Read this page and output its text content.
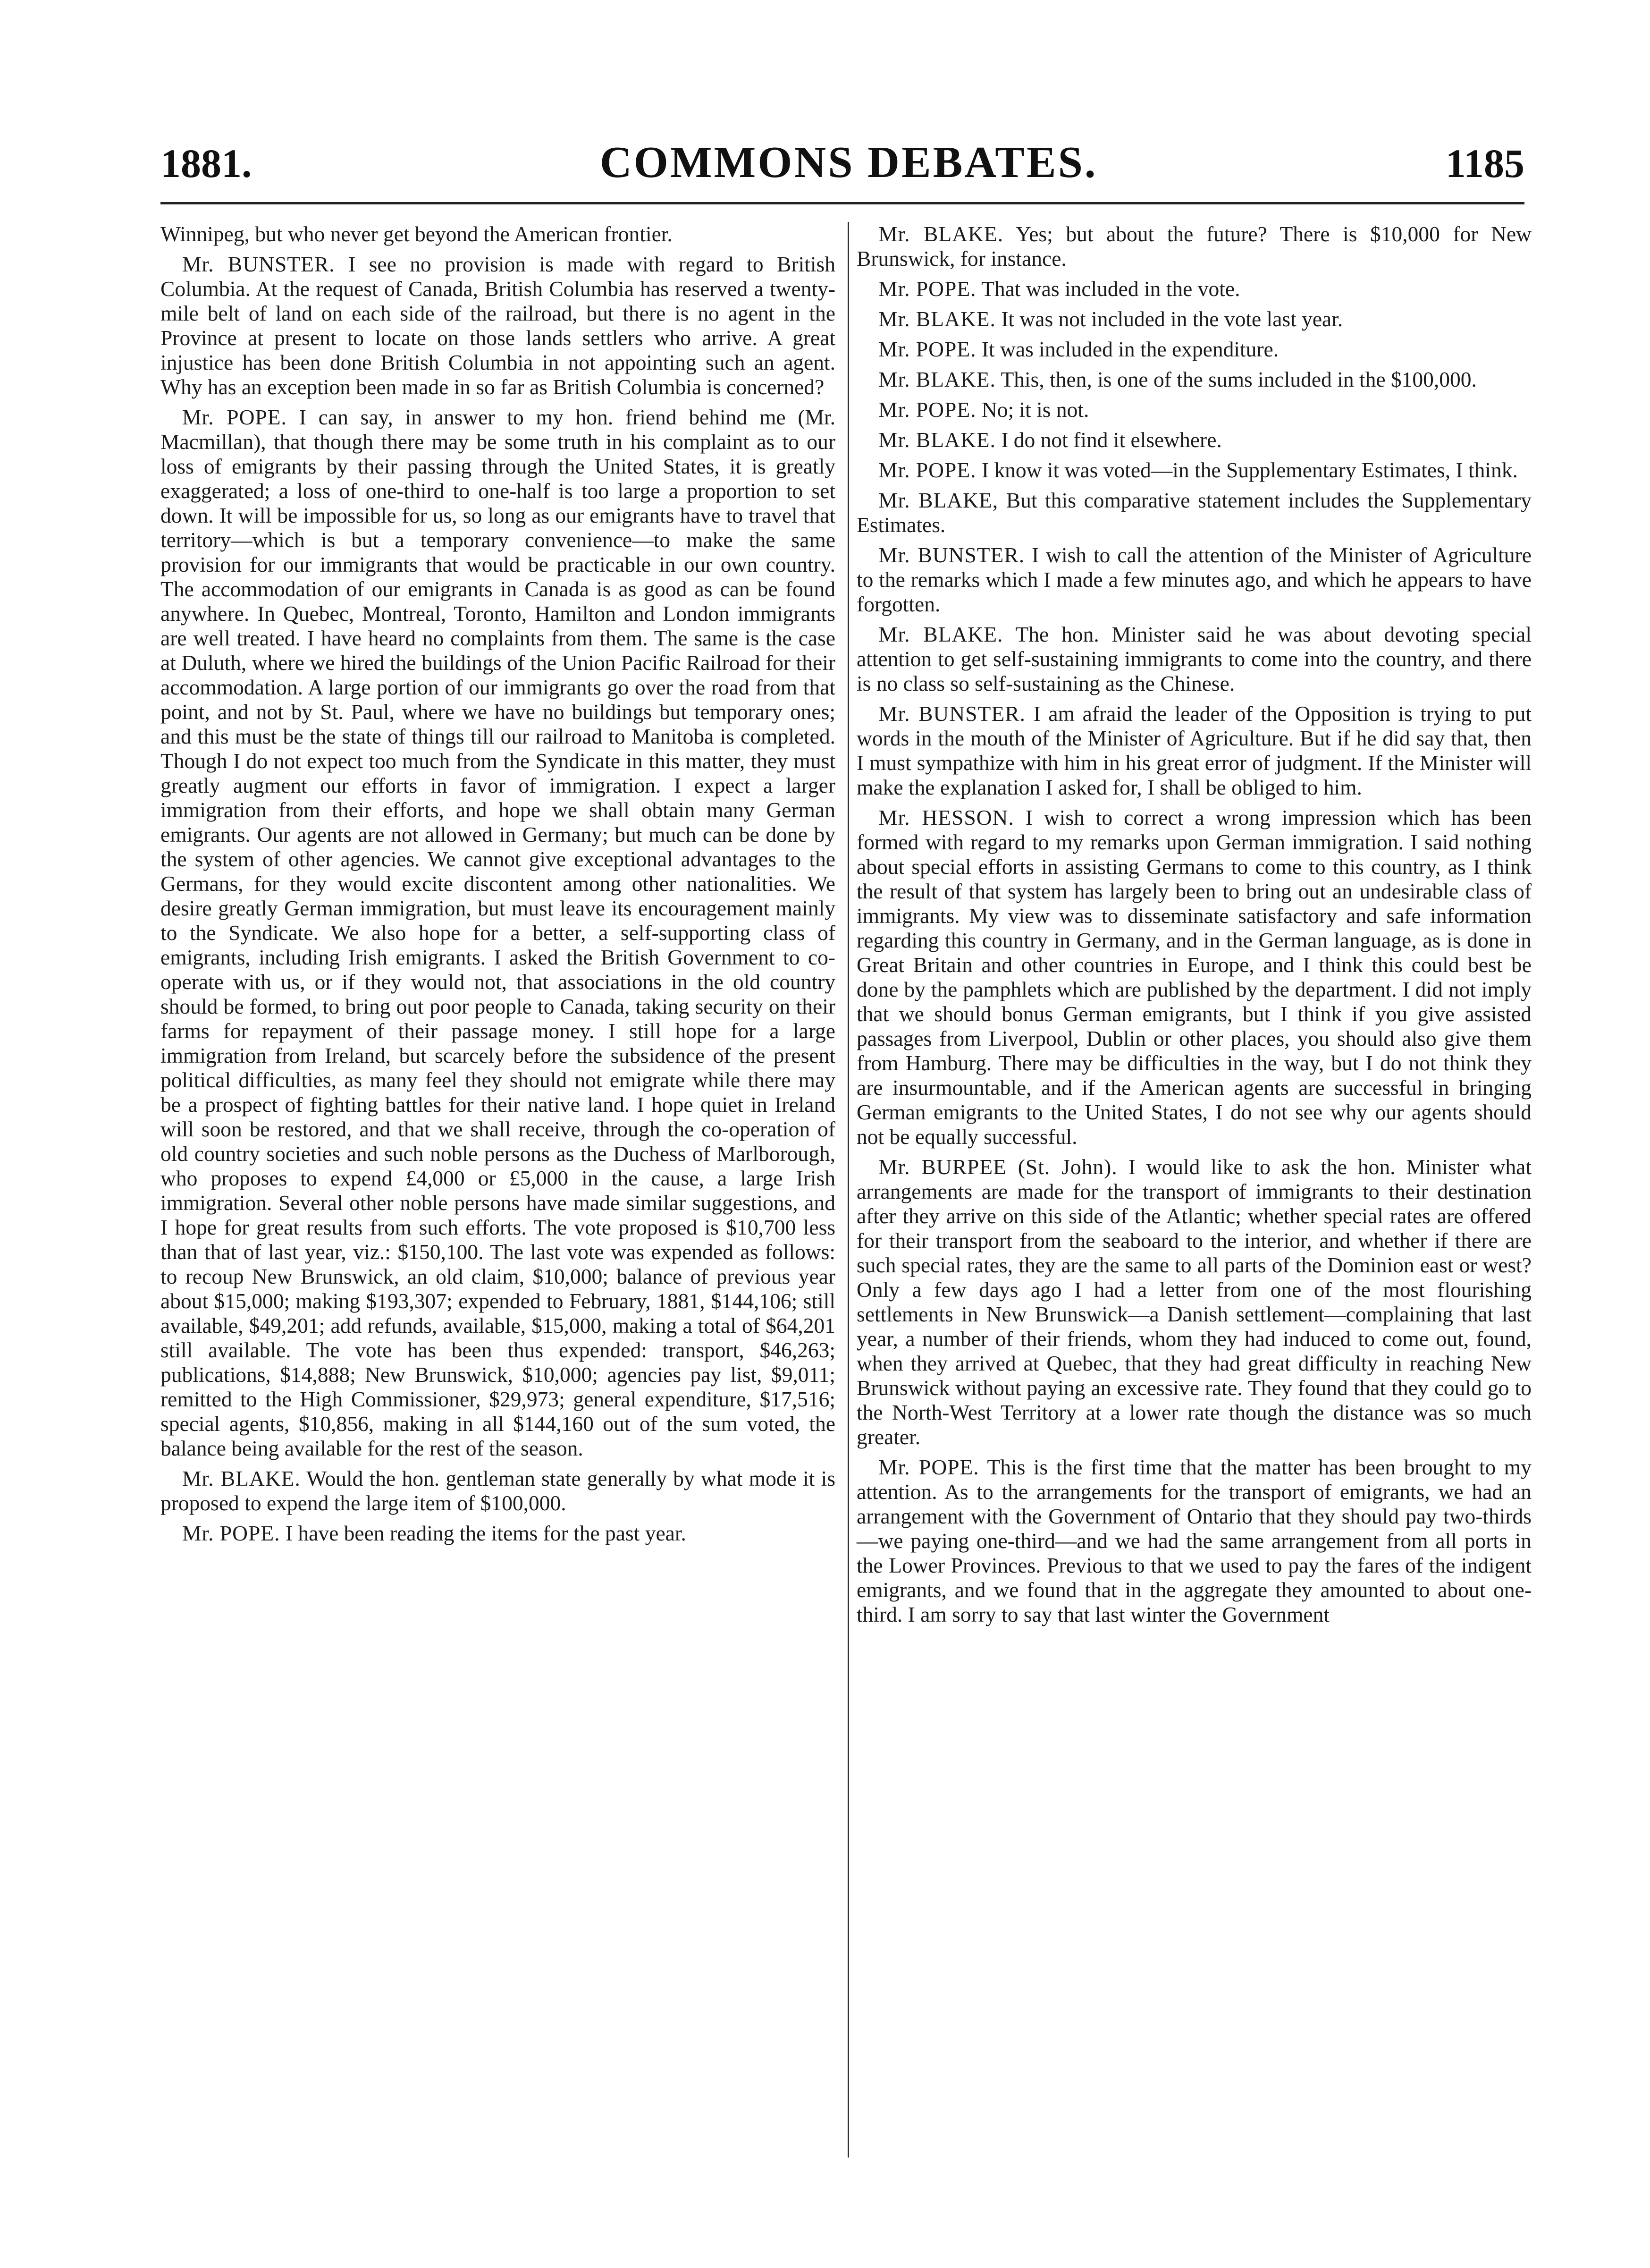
1881.	COMMONS DEBATES.	1185

Winnipeg, but who never get beyond the American frontier.

Mr. BUNSTER. I see no provision is made with regard to British Columbia. At the request of Canada, British Columbia has reserved a twenty-mile belt of land on each side of the railroad, but there is no agent in the Province at present to locate on those lands settlers who arrive. A great injustice has been done British Columbia in not appointing such an agent. Why has an exception been made in so far as British Columbia is concerned?

Mr. POPE. I can say, in answer to my hon. friend behind me (Mr. Macmillan), that though there may be some truth in his complaint as to our loss of emigrants by their passing through the United States, it is greatly exaggerated; a loss of one-third to one-half is too large a proportion to set down. It will be impossible for us, so long as our emigrants have to travel that territory—which is but a temporary convenience—to make the same provision for our immigrants that would be practicable in our own country. The accommodation of our emigrants in Canada is as good as can be found anywhere. In Quebec, Montreal, Toronto, Hamilton and London immigrants are well treated. I have heard no complaints from them. The same is the case at Duluth, where we hired the buildings of the Union Pacific Railroad for their accommodation. A large portion of our immigrants go over the road from that point, and not by St. Paul, where we have no buildings but temporary ones; and this must be the state of things till our railroad to Manitoba is completed. Though I do not expect too much from the Syndicate in this matter, they must greatly augment our efforts in favor of immigration. I expect a larger immigration from their efforts, and hope we shall obtain many German emigrants. Our agents are not allowed in Germany; but much can be done by the system of other agencies. We cannot give exceptional advantages to the Germans, for they would excite discontent among other nationalities. We desire greatly German immigration, but must leave its encouragement mainly to the Syndicate. We also hope for a better, a self-supporting class of emigrants, including Irish emigrants. I asked the British Government to co-operate with us, or if they would not, that associations in the old country should be formed, to bring out poor people to Canada, taking security on their farms for repayment of their passage money. I still hope for a large immigration from Ireland, but scarcely before the subsidence of the present political difficulties, as many feel they should not emigrate while there may be a prospect of fighting battles for their native land. I hope quiet in Ireland will soon be restored, and that we shall receive, through the co-operation of old country societies and such noble persons as the Duchess of Marlborough, who proposes to expend £4,000 or £5,000 in the cause, a large Irish immigration. Several other noble persons have made similar suggestions, and I hope for great results from such efforts. The vote proposed is $10,700 less than that of last year, viz.: $150,100. The last vote was expended as follows: to recoup New Brunswick, an old claim, $10,000; balance of previous year about $15,000; making $193,307; expended to February, 1881, $144,106; still available, $49,201; add refunds, available, $15,000, making a total of $64,201 still available. The vote has been thus expended: transport, $46,263; publications, $14,888; New Brunswick, $10,000; agencies pay list, $9,011; remitted to the High Commissioner, $29,973; general expenditure, $17,516; special agents, $10,856, making in all $144,160 out of the sum voted, the balance being available for the rest of the season.

Mr. BLAKE. Would the hon. gentleman state generally by what mode it is proposed to expend the large item of $100,000.

Mr. POPE. I have been reading the items for the past year.

Mr. BLAKE. Yes; but about the future? There is $10,000 for New Brunswick, for instance.

Mr. POPE. That was included in the vote.

Mr. BLAKE. It was not included in the vote last year.

Mr. POPE. It was included in the expenditure.

Mr. BLAKE. This, then, is one of the sums included in the $100,000.

Mr. POPE. No; it is not.

Mr. BLAKE. I do not find it elsewhere.

Mr. POPE. I know it was voted—in the Supplementary Estimates, I think.

Mr. BLAKE, But this comparative statement includes the Supplementary Estimates.

Mr. BUNSTER. I wish to call the attention of the Minister of Agriculture to the remarks which I made a few minutes ago, and which he appears to have forgotten.

Mr. BLAKE. The hon. Minister said he was about devoting special attention to get self-sustaining immigrants to come into the country, and there is no class so self-sustaining as the Chinese.

Mr. BUNSTER. I am afraid the leader of the Opposition is trying to put words in the mouth of the Minister of Agriculture. But if he did say that, then I must sympathize with him in his great error of judgment. If the Minister will make the explanation I asked for, I shall be obliged to him.

Mr. HESSON. I wish to correct a wrong impression which has been formed with regard to my remarks upon German immigration. I said nothing about special efforts in assisting Germans to come to this country, as I think the result of that system has largely been to bring out an undesirable class of immigrants. My view was to disseminate satisfactory and safe information regarding this country in Germany, and in the German language, as is done in Great Britain and other countries in Europe, and I think this could best be done by the pamphlets which are published by the department. I did not imply that we should bonus German emigrants, but I think if you give assisted passages from Liverpool, Dublin or other places, you should also give them from Hamburg. There may be difficulties in the way, but I do not think they are insurmountable, and if the American agents are successful in bringing German emigrants to the United States, I do not see why our agents should not be equally successful.

Mr. BURPEE (St. John). I would like to ask the hon. Minister what arrangements are made for the transport of immigrants to their destination after they arrive on this side of the Atlantic; whether special rates are offered for their transport from the seaboard to the interior, and whether if there are such special rates, they are the same to all parts of the Dominion east or west? Only a few days ago I had a letter from one of the most flourishing settlements in New Brunswick—a Danish settlement—complaining that last year, a number of their friends, whom they had induced to come out, found, when they arrived at Quebec, that they had great difficulty in reaching New Brunswick without paying an excessive rate. They found that they could go to the North-West Territory at a lower rate though the distance was so much greater.

Mr. POPE. This is the first time that the matter has been brought to my attention. As to the arrangements for the transport of emigrants, we had an arrangement with the Government of Ontario that they should pay two-thirds—we paying one-third—and we had the same arrangement from all ports in the Lower Provinces. Previous to that we used to pay the fares of the indigent emigrants, and we found that in the aggregate they amounted to about one-third. I am sorry to say that last winter the Government
